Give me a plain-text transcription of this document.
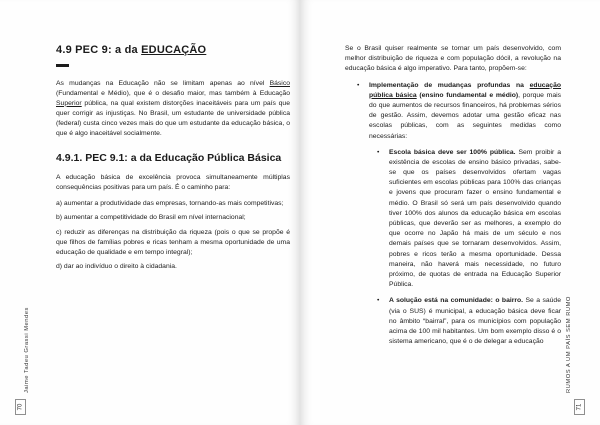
Jaime Tadeu Grassi Mendes
70
4.9 PEC 9: a da EDUCAÇÃO

As mudanças na Educação não se limitam apenas ao nível Básico (Fundamental e Médio), que é o desafio maior, mas também à Educação Superior pública, na qual existem distorções inaceitáveis para um país que quer corrigir as injustiças. No Brasil, um estudante de universidade pública (federal) custa cinco vezes mais do que um estudante da educação básica, o que é algo inaceitável socialmente.

4.9.1. PEC 9.1: a da Educação Pública Básica

A educação básica de excelência provoca simultaneamente múltiplas consequências positivas para um país. É o caminho para:

a) aumentar a produtividade das empresas, tornando-as mais competitivas;

b) aumentar a competitividade do Brasil em nível internacional;

c) reduzir as diferenças na distribuição da riqueza (pois o que se propõe é que filhos de famílias pobres e ricas tenham a mesma oportunidade de uma educação de qualidade e em tempo integral);

d) dar ao indivíduo o direito à cidadania.

RUMOS A UM PAÍS SEM RUMO
71

Se o Brasil quiser realmente se tornar um país desenvolvido, com melhor distribuição de riqueza e com população dócil, a revolução na educação básica é algo imperativo. Para tanto, propõem-se:

•	Implementação de mudanças profundas na educação pública básica (ensino fundamental e médio), porque mais do que aumentos de recursos financeiros, há problemas sérios de gestão. Assim, devemos adotar uma gestão eficaz nas escolas públicas, com as seguintes medidas como necessárias:
•	Escola básica deve ser 100% pública. Sem proibir a existência de escolas de ensino básico privadas, sabe-se que os países desenvolvidos ofertam vagas suficientes em escolas públicas para 100% das crianças e jovens que procuram fazer o ensino fundamental e médio. O Brasil só será um país desenvolvido quando tiver 100% dos alunos da educação básica em escolas públicas, que deverão ser as melhores, a exemplo do que ocorre no Japão há mais de um século e nos demais países que se tornaram desenvolvidos. Assim, pobres e ricos terão a mesma oportunidade. Dessa maneira, não haverá mais necessidade, no futuro próximo, de quotas de entrada na Educação Superior Pública.
•	A solução está na comunidade: o bairro. Se a saúde (via o SUS) é municipal, a educação básica deve ficar no âmbito “bairral”, para os municípios com população acima de 100 mil habitantes. Um bom exemplo disso é o sistema americano, que é o de delegar a educação
